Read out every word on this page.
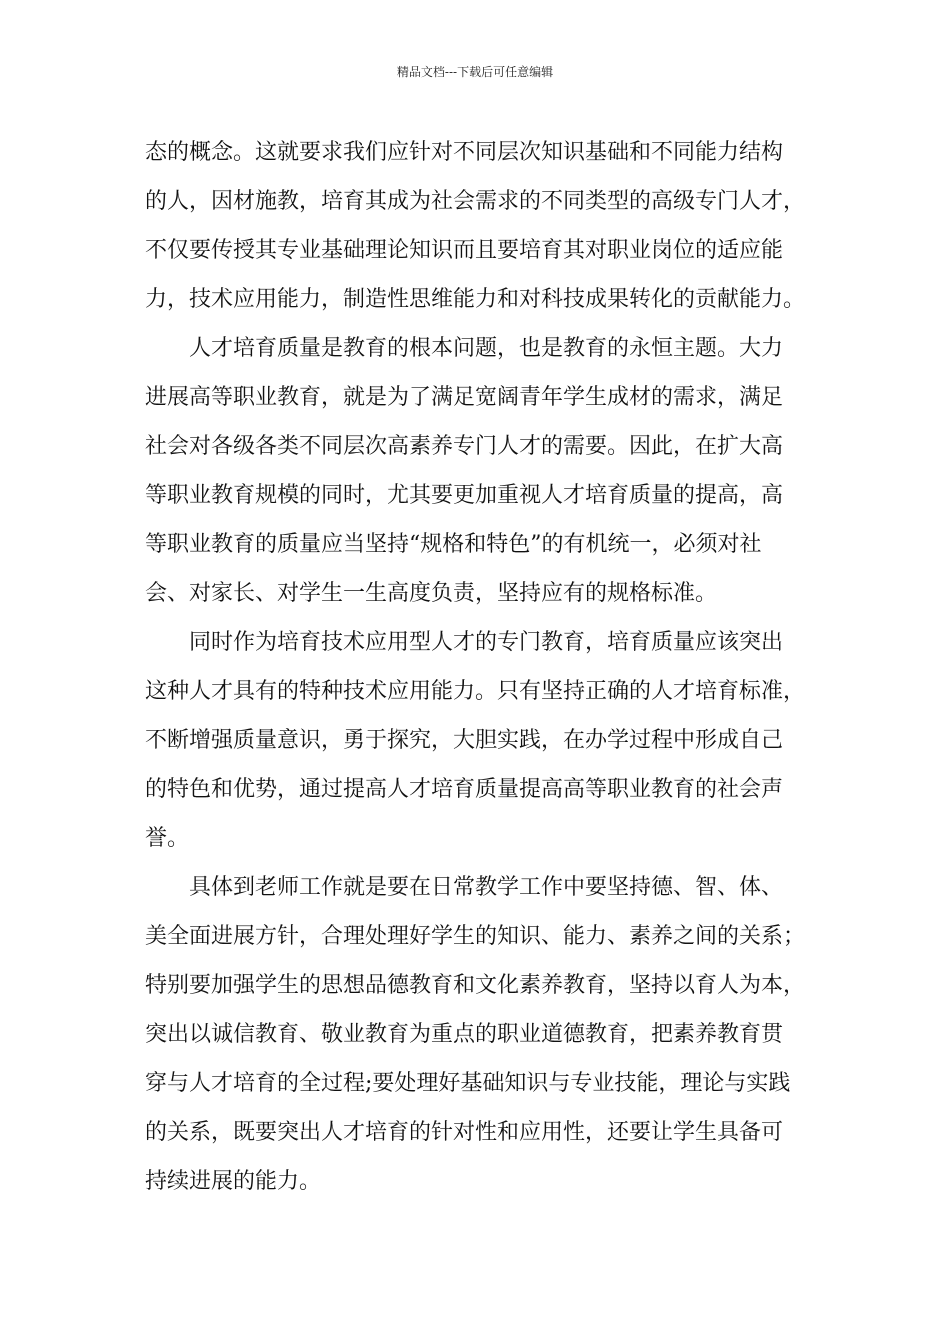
精品文档---下载后可任意编辑
态的概念。这就要求我们应针对不同层次知识基础和不同能力结构
的人，因材施教，培育其成为社会需求的不同类型的高级专门人才，
不仅要传授其专业基础理论知识而且要培育其对职业岗位的适应能
力，技术应用能力，制造性思维能力和对科技成果转化的贡献能力。
人才培育质量是教育的根本问题，也是教育的永恒主题。大力
进展高等职业教育，就是为了满足宽阔青年学生成材的需求，满足
社会对各级各类不同层次高素养专门人才的需要。因此，在扩大高
等职业教育规模的同时，尤其要更加重视人才培育质量的提高，高
等职业教育的质量应当坚持“规格和特色”的有机统一，必须对社
会、对家长、对学生一生高度负责，坚持应有的规格标准。
同时作为培育技术应用型人才的专门教育，培育质量应该突出
这种人才具有的特种技术应用能力。只有坚持正确的人才培育标准，
不断增强质量意识，勇于探究，大胆实践，在办学过程中形成自己
的特色和优势，通过提高人才培育质量提高高等职业教育的社会声
誉。
具体到老师工作就是要在日常教学工作中要坚持德、智、体、
美全面进展方针，合理处理好学生的知识、能力、素养之间的关系；
特别要加强学生的思想品德教育和文化素养教育，坚持以育人为本，
突出以诚信教育、敬业教育为重点的职业道德教育，把素养教育贯
穿与人才培育的全过程;要处理好基础知识与专业技能，理论与实践
的关系，既要突出人才培育的针对性和应用性，还要让学生具备可
持续进展的能力。
